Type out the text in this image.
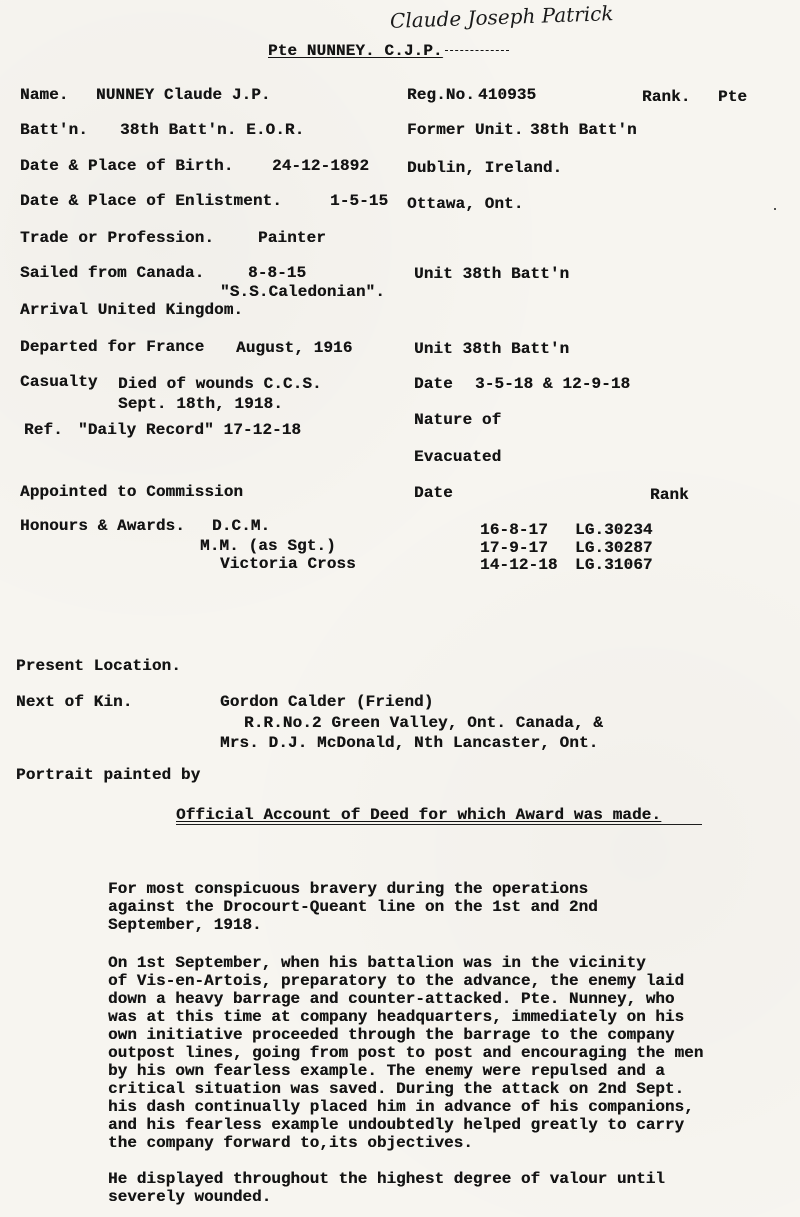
Claude Joseph Patrick
Pte NUNNEY. C.J.P.
Name. NUNNEY Claude J.P.	Reg.No. 410935	Rank. Pte
Batt'n. 38th Batt'n. E.O.R.	Former Unit. 38th Batt'n
Date & Place of Birth. 24-12-1892 Dublin, Ireland.
Date & Place of Enlistment.	1-5-15 Ottawa, Ont.
Trade or Profession.	Painter
Sailed from Canada.	8-8-15
"S.S.Caledonian".
Unit 38th Batt'n
Arrival United Kingdom.
Departed for France August, 1916	Unit 38th Batt'n
Casualty Died of wounds C.C.S.
Sept. 18th, 1918.
Date 3-5-18 & 12-9-18
Ref. "Daily Record" 17-12-18
Nature of
Evacuated
Appointed to Commission	Date	Rank
Honours & Awards. D.C.M.	16-8-17 LG.30234
M.M. (as Sgt.)	17-9-17 LG.30287
Victoria Cross	14-12-18 LG.31067
Present Location.
Next of Kin.	Gordon Calder (Friend)
R.R.No.2 Green Valley, Ont. Canada, &
Mrs. D.J. McDonald, Nth Lancaster, Ont.
Portrait painted by
Official Account of Deed for which Award was made.
For most conspicuous bravery during the operations
against the Drocourt-Queant line on the 1st and 2nd
September, 1918.
On 1st September, when his battalion was in the vicinity
of Vis-en-Artois, preparatory to the advance, the enemy laid
down a heavy barrage and counter-attacked. Pte. Nunney, who
was at this time at company headquarters, immediately on his
own initiative proceeded through the barrage to the company
outpost lines, going from post to post and encouraging the men
by his own fearless example. The enemy were repulsed and a
critical situation was saved. During the attack on 2nd Sept.
his dash continually placed him in advance of his companions,
and his fearless example undoubtedly helped greatly to carry
the company forward to,its objectives.
He displayed throughout the highest degree of valour until
severely wounded.
